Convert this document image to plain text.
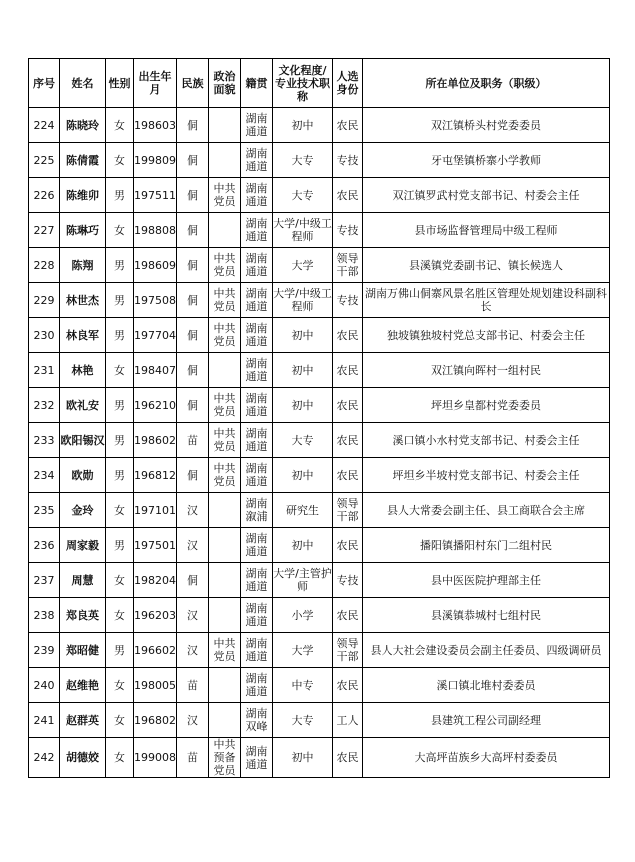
序号	姓名	性别	出生年月	民族	政治面貌	籍贯	文化程度/专业技术职称	人选身份	所在单位及职务（职级）
224	陈晓玲	女	198603	侗		湖南通道	初中	农民	双江镇桥头村党委委员
225	陈倩霞	女	199809	侗		湖南通道	大专	专技	牙屯堡镇桥寨小学教师
226	陈维卯	男	197511	侗	中共党员	湖南通道	大专	农民	双江镇罗武村党支部书记、村委会主任
227	陈琳巧	女	198808	侗		湖南通道	大学/中级工程师	专技	县市场监督管理局中级工程师
228	陈翔	男	198609	侗	中共党员	湖南通道	大学	领导干部	县溪镇党委副书记、镇长候选人
229	林世杰	男	197508	侗	中共党员	湖南通道	大学/中级工程师	专技	湖南万佛山侗寨风景名胜区管理处规划建设科副科长
230	林良军	男	197704	侗	中共党员	湖南通道	初中	农民	独坡镇独坡村党总支部书记、村委会主任
231	林艳	女	198407	侗		湖南通道	初中	农民	双江镇向晖村一组村民
232	欧礼安	男	196210	侗	中共党员	湖南通道	初中	农民	坪坦乡皇都村党委委员
233	欧阳锡汉	男	198602	苗	中共党员	湖南通道	大专	农民	溪口镇小水村党支部书记、村委会主任
234	欧勋	男	196812	侗	中共党员	湖南通道	初中	农民	坪坦乡半坡村党支部书记、村委会主任
235	金玲	女	197101	汉		湖南溆浦	研究生	领导干部	县人大常委会副主任、县工商联合会主席
236	周家毅	男	197501	汉		湖南通道	初中	农民	播阳镇播阳村东门二组村民
237	周慧	女	198204	侗		湖南通道	大学/主管护师	专技	县中医医院护理部主任
238	郑良英	女	196203	汉		湖南通道	小学	农民	县溪镇恭城村七组村民
239	郑昭健	男	196602	汉	中共党员	湖南通道	大学	领导干部	县人大社会建设委员会副主任委员、四级调研员
240	赵维艳	女	198005	苗		湖南通道	中专	农民	溪口镇北堆村委委员
241	赵群英	女	196802	汉		湖南双峰	大专	工人	县建筑工程公司副经理
242	胡德姣	女	199008	苗	中共预备党员	湖南通道	初中	农民	大高坪苗族乡大高坪村委委员
